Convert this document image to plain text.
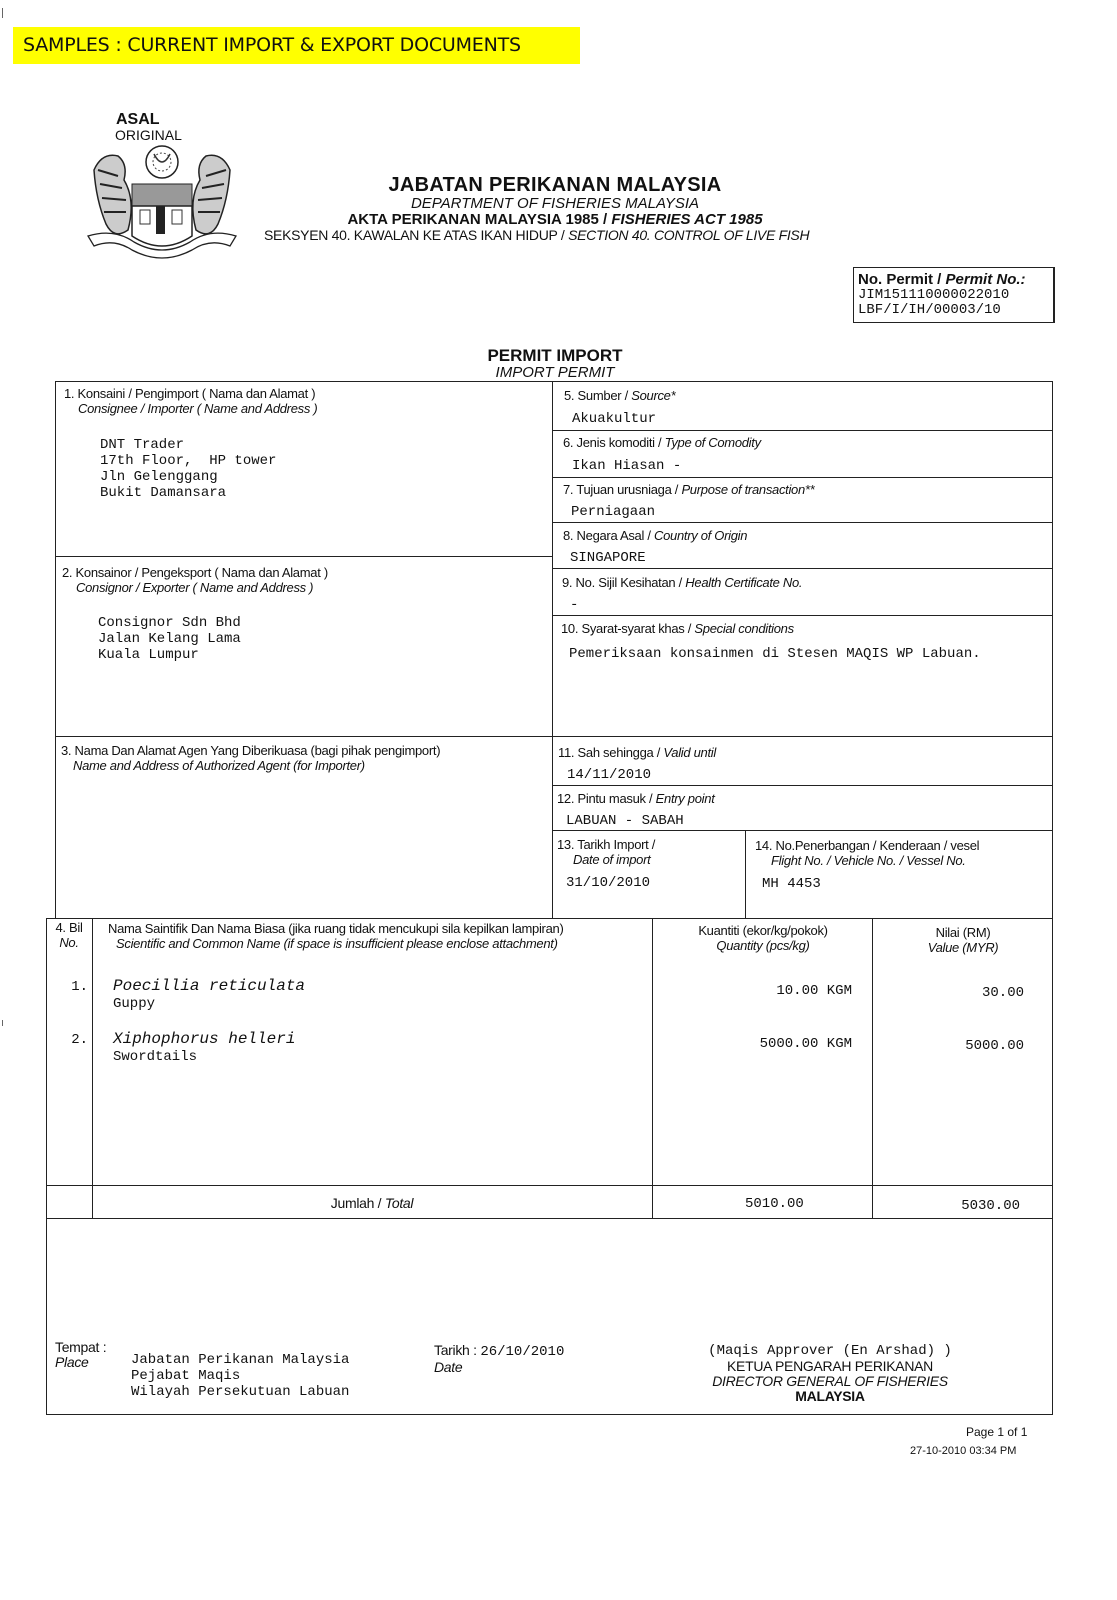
SAMPLES : CURRENT IMPORT & EXPORT DOCUMENTS
ASAL
ORIGINAL
JABATAN PERIKANAN MALAYSIA
DEPARTMENT OF FISHERIES MALAYSIA
AKTA PERIKANAN MALAYSIA 1985 / FISHERIES ACT 1985
SEKSYEN 40. KAWALAN KE ATAS IKAN HIDUP / SECTION 40. CONTROL OF LIVE FISH
No. Permit / Permit No.:
JIM151110000022010
LBF/I/IH/00003/10
PERMIT IMPORT
IMPORT PERMIT
1. Konsaini / Pengimport ( Nama dan Alamat )
Consignee / Importer ( Name and Address )
DNT Trader
17th Floor,  HP tower
Jln Gelenggang
Bukit Damansara
2. Konsainor / Pengeksport ( Nama dan Alamat )
Consignor / Exporter ( Name and Address )
Consignor Sdn Bhd
Jalan Kelang Lama
Kuala Lumpur
3. Nama Dan Alamat Agen Yang Diberikuasa (bagi pihak pengimport)
Name and Address of Authorized Agent (for Importer)
5. Sumber / Source*
Akuakultur
6. Jenis komoditi / Type of Comodity
Ikan Hiasan -
7. Tujuan urusniaga / Purpose of transaction**
Perniagaan
8. Negara Asal / Country of Origin
SINGAPORE
9. No. Sijil Kesihatan / Health Certificate No.
-
10. Syarat-syarat khas / Special conditions
Pemeriksaan konsainmen di Stesen MAQIS WP Labuan.
11. Sah sehingga / Valid until
14/11/2010
12. Pintu masuk / Entry point
LABUAN - SABAH
13. Tarikh Import /
Date of import
31/10/2010
14. No.Penerbangan / Kenderaan / vesel
Flight No. / Vehicle No. / Vessel No.
MH 4453
4. Bil
No.
Nama Saintifik Dan Nama Biasa (jika ruang tidak mencukupi sila kepilkan lampiran)
Scientific and Common Name (if space is insufficient please enclose attachment)
Kuantiti (ekor/kg/pokok)
Quantity (pcs/kg)
Nilai (RM)
Value (MYR)
1. Poecillia reticulata
Guppy
10.00 KGM	30.00
2. Xiphophorus helleri
Swordtails
5000.00 KGM	5000.00
Jumlah / Total	5010.00	5030.00
Tempat :
Place	Jabatan Perikanan Malaysia
Pejabat Maqis
Wilayah Persekutuan Labuan
Tarikh : 26/10/2010
Date
(Maqis Approver (En Arshad) )
KETUA PENGARAH PERIKANAN
DIRECTOR GENERAL OF FISHERIES
MALAYSIA
Page 1 of 1
27-10-2010 03:34 PM
